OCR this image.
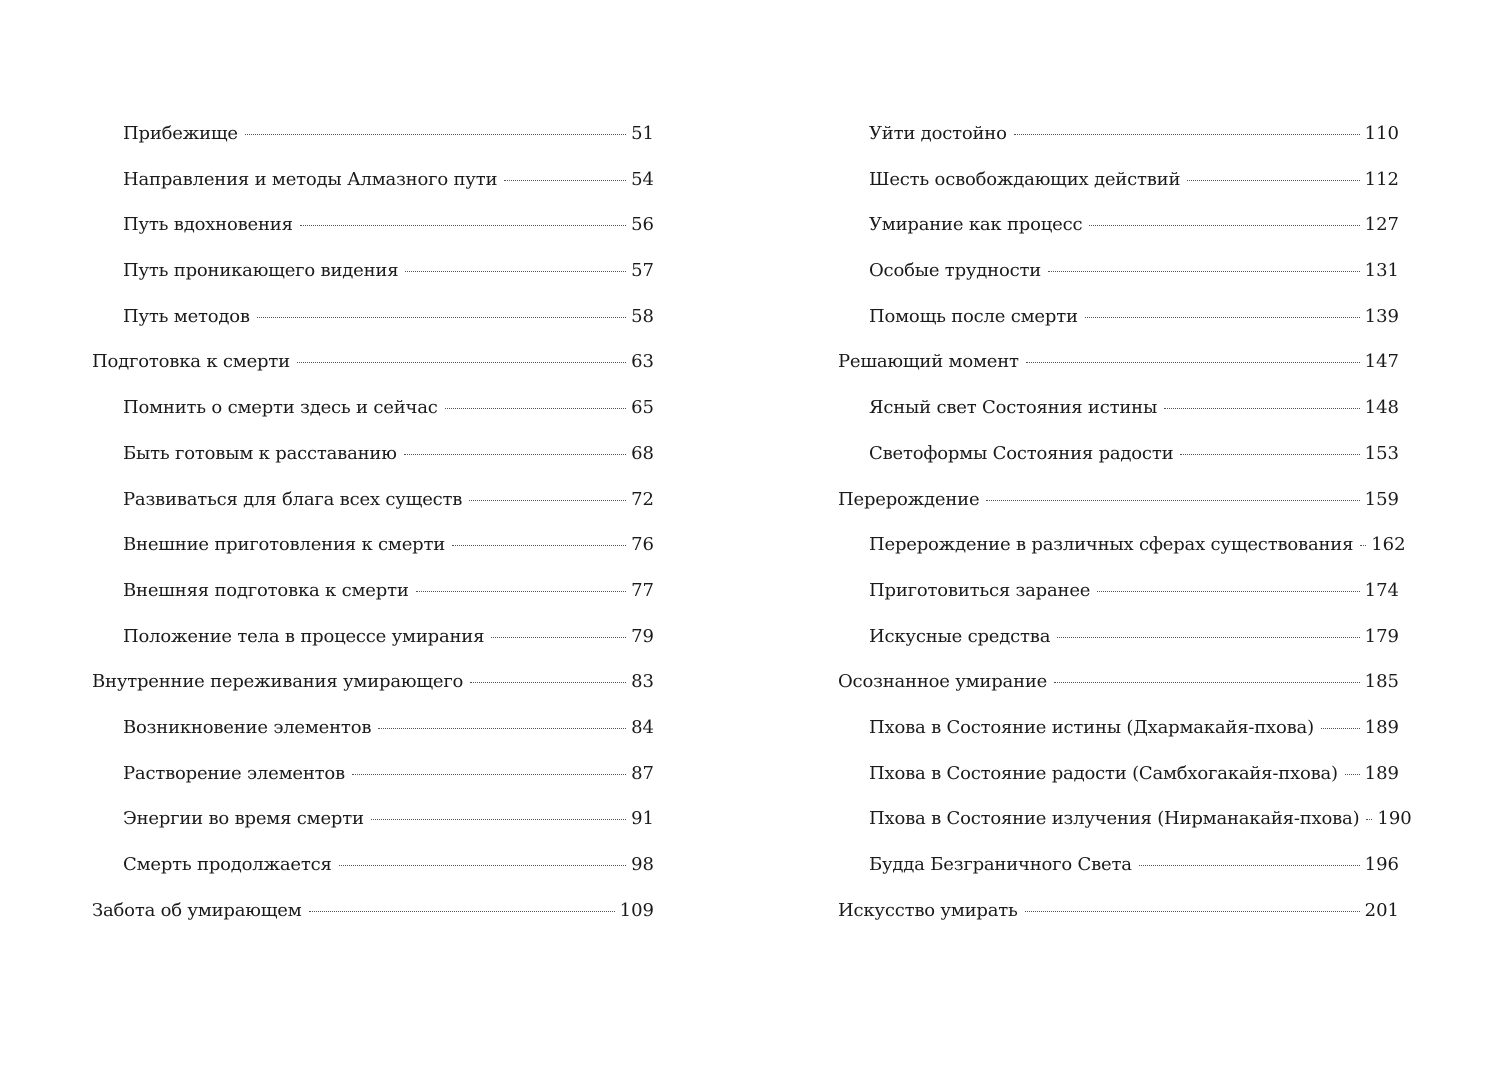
Прибежище	51
Направления и методы Алмазного пути	54
Путь вдохновения	56
Путь проникающего видения	57
Путь методов	58
Подготовка к смерти	63
Помнить о смерти здесь и сейчас	65
Быть готовым к расставанию	68
Развиваться для блага всех существ	72
Внешние приготовления к смерти	76
Внешняя подготовка к смерти	77
Положение тела в процессе умирания	79
Внутренние переживания умирающего	83
Возникновение элементов	84
Растворение элементов	87
Энергии во время смерти	91
Смерть продолжается	98
Забота об умирающем	109
Уйти достойно	110
Шесть освобождающих действий	112
Умирание как процесс	127
Особые трудности	131
Помощь после смерти	139
Решающий момент	147
Ясный свет Состояния истины	148
Светоформы Состояния радости	153
Перерождение	159
Перерождение в различных сферах существования 162
Приготовиться заранее	174
Искусные средства	179
Осознанное умирание	185
Пхова в Состояние истины (Дхармакайя-пхова)	189
Пхова в Состояние радости (Самбхогакайя-пхова) 189
Пхова в Состояние излучения (Нирманакайя-пхова) 190
Будда Безграничного Света	196
Искусство умирать	201
